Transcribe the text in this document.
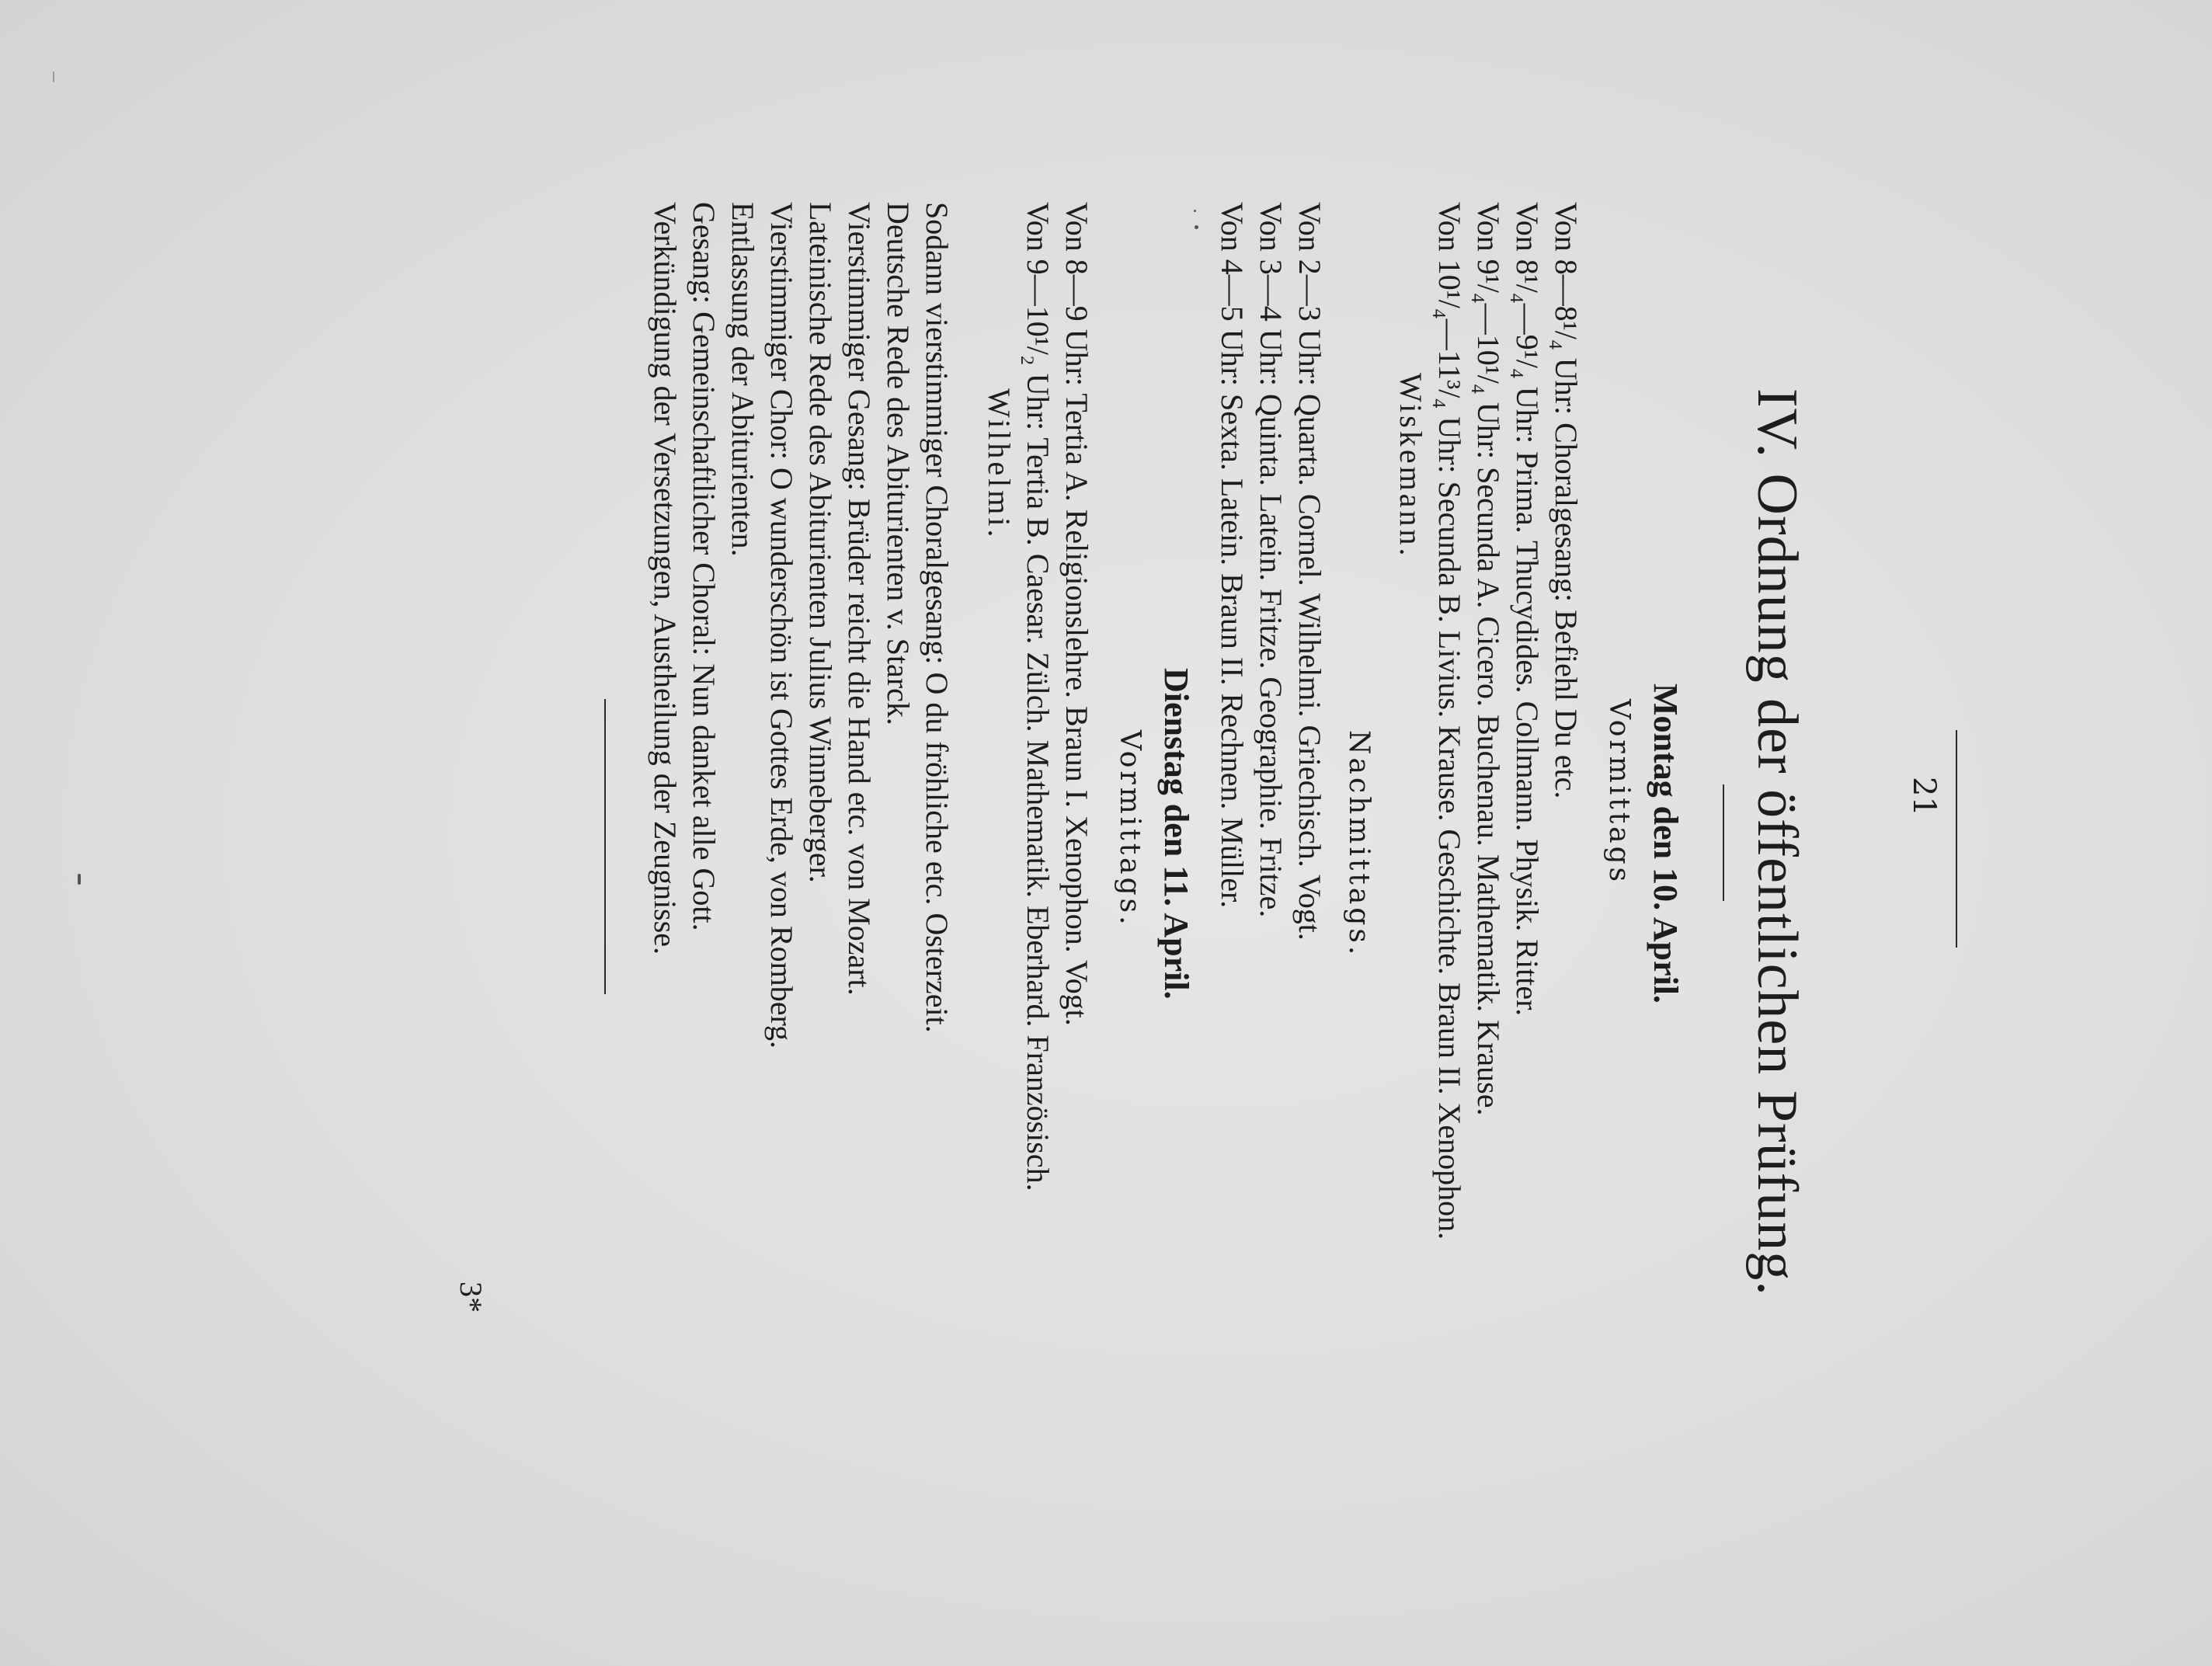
21
IV. Ordnung der öffentlichen Prüfung.
Montag den 10. April.
Vormittags
Von 8—8¹/₄ Uhr: Choralgesang: Befiehl Du etc.
Von 8¹/₄—9¹/₄ Uhr: Prima. Thucydides. Collmann. Physik. Ritter.
Von 9¹/₄—10¹/₄ Uhr: Secunda A. Cicero. Buchenau. Mathematik. Krause.
Von 10¹/₄—11³/₄ Uhr: Secunda B. Livius. Krause. Geschichte. Braun II. Xenophon.
Wiskemann.
Nachmittags.
Von 2—3 Uhr: Quarta. Cornel. Wilhelmi. Griechisch. Vogt.
Von 3—4 Uhr: Quinta. Latein. Fritze. Geographie. Fritze.
Von 4—5 Uhr: Sexta. Latein. Braun II. Rechnen. Müller.
Dienstag den 11. April.
Vormittags.
Von 8—9 Uhr: Tertia A. Religionslehre. Braun I. Xenophon. Vogt.
Von 9—10¹/₂ Uhr: Tertia B. Caesar. Zülch. Mathematik. Eberhard. Französisch.
Wilhelmi.
Sodann vierstimmiger Choralgesang: O du fröhliche etc. Osterzeit.
Deutsche Rede des Abiturienten v. Starck.
Vierstimmiger Gesang: Brüder reicht die Hand etc. von Mozart.
Lateinische Rede des Abiturienten Julius Winneberger.
Vierstimmiger Chor: O wunderschön ist Gottes Erde, von Romberg.
Entlassung der Abiturienten.
Gesang: Gemeinschaftlicher Choral: Nun danket alle Gott.
Verkündigung der Versetzungen, Austheilung der Zeugnisse.
3*
